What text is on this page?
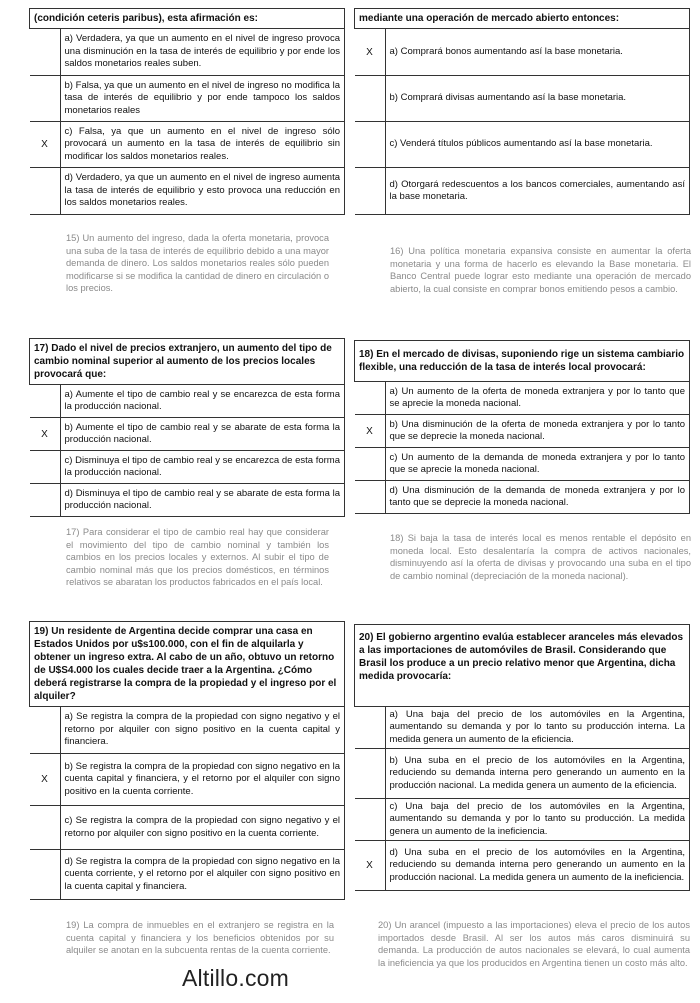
(condición ceteris paribus), esta afirmación es:	
	a) Verdadera, ya que un aumento en el nivel de ingreso provoca una disminución en la tasa de interés de equilibrio y por ende los saldos monetarios reales suben.
	b) Falsa, ya que un aumento en el nivel de ingreso no modifica la tasa de interés de equilibrio y por ende tampoco los saldos monetarios reales
X	c) Falsa, ya que un aumento en el nivel de ingreso sólo provocará un aumento en la tasa de interés de equilibrio sin modificar los saldos monetarios reales.
	d) Verdadero, ya que un aumento en el nivel de ingreso aumenta la tasa de interés de equilibrio y esto provoca una reducción en los saldos monetarios reales.
15) Un aumento del ingreso, dada la oferta monetaria, provoca una suba de la tasa de interés de equilibrio debido a una mayor demanda de dinero. Los saldos monetarios reales sólo pueden modificarse si se modifica la cantidad de dinero en circulación o los precios.
mediante una operación de mercado abierto entonces:	
X	a) Comprará bonos aumentando así la base monetaria.
	b) Comprará divisas aumentando así la base monetaria.
	c) Venderá títulos públicos aumentando así la base monetaria.
	d) Otorgará redescuentos a los bancos comerciales, aumentando así la base monetaria.
16) Una política monetaria expansiva consiste en aumentar la oferta monetaria y una forma de hacerlo es elevando la Base monetaria. El Banco Central puede lograr esto mediante una operación de mercado abierto, la cual consiste en comprar bonos emitiendo pesos a cambio.
17) Dado el nivel de precios extranjero, un aumento del tipo de cambio nominal superior al aumento de los precios locales provocará que:	
	a) Aumente el tipo de cambio real y se encarezca de esta forma la producción nacional.
X	b) Aumente el tipo de cambio real y se abarate de esta forma la producción nacional.
	c) Disminuya el tipo de cambio real y se encarezca de esta forma la producción nacional.
	d) Disminuya el tipo de cambio real y se abarate de esta forma la producción nacional.
17) Para considerar el tipo de cambio real hay que considerar el movimiento del tipo de cambio nominal y también los cambios en los precios locales y externos. Al subir el tipo de cambio nominal más que los precios domésticos, en términos relativos se abaratan los productos fabricados en el país local.
18) En el mercado de divisas, suponiendo rige un sistema cambiario flexible, una reducción de la tasa de interés local provocará:	
	a) Un aumento de la oferta de moneda extranjera y por lo tanto que se aprecie la moneda nacional.
X	b) Una disminución de la oferta de moneda extranjera y por lo tanto que se deprecie la moneda nacional.
	c) Un aumento de la demanda de moneda extranjera y por lo tanto que se aprecie la moneda nacional.
	d) Una disminución de la demanda de moneda extranjera y por lo tanto que se deprecie la moneda nacional.
18) Si baja la tasa de interés local es menos rentable el depósito en moneda local. Esto desalentaría la compra de activos nacionales, disminuyendo así la oferta de divisas y provocando una suba en el tipo de cambio nominal (depreciación de la moneda nacional).
19) Un residente de Argentina decide comprar una casa en Estados Unidos por u$s100.000, con el fin de alquilarla y obtener un ingreso extra. Al cabo de un año, obtuvo un retorno de U$S4.000 los cuales decide traer a la Argentina. ¿Cómo deberá registrarse la compra de la propiedad y el ingreso por el alquiler?	
	a) Se registra la compra de la propiedad con signo negativo y el retorno por alquiler con signo positivo en la cuenta capital y financiera.
X	b) Se registra la compra de la propiedad con signo negativo en la cuenta capital y financiera, y el retorno por el alquiler con signo positivo en la cuenta corriente.
	c) Se registra la compra de la propiedad con signo negativo y el retorno por alquiler con signo positivo en la cuenta corriente.
	d) Se registra la compra de la propiedad con signo negativo en la cuenta corriente, y el retorno por el alquiler con signo positivo en la cuenta capital y financiera.
19) La compra de inmuebles en el extranjero se registra en la cuenta capital y financiera y los beneficios obtenidos por su alquiler se anotan en la subcuenta rentas de la cuenta corriente.
20) El gobierno argentino evalúa establecer aranceles más elevados a las importaciones de automóviles de Brasil. Considerando que Brasil los produce a un precio relativo menor que Argentina, dicha medida provocaría:	
	a) Una baja del precio de los automóviles en la Argentina, aumentando su demanda y por lo tanto su producción interna. La medida genera un aumento de la eficiencia.
	b) Una suba en el precio de los automóviles en la Argentina, reduciendo su demanda interna pero generando un aumento en la producción nacional. La medida genera un aumento de la eficiencia.
	c) Una baja del precio de los automóviles en la Argentina, aumentando su demanda y por lo tanto su producción. La medida genera un aumento de la ineficiencia.
X	d) Una suba en el precio de los automóviles en la Argentina, reduciendo su demanda interna pero generando un aumento en la producción nacional. La medida genera un aumento de la ineficiencia.
20) Un arancel (impuesto a las importaciones) eleva el precio de los autos importados desde Brasil. Al ser los autos más caros disminuirá su demanda. La producción de autos nacionales se elevará, lo cual aumenta la ineficiencia ya que los producidos en Argentina tienen un costo más alto.
Altillo.com
